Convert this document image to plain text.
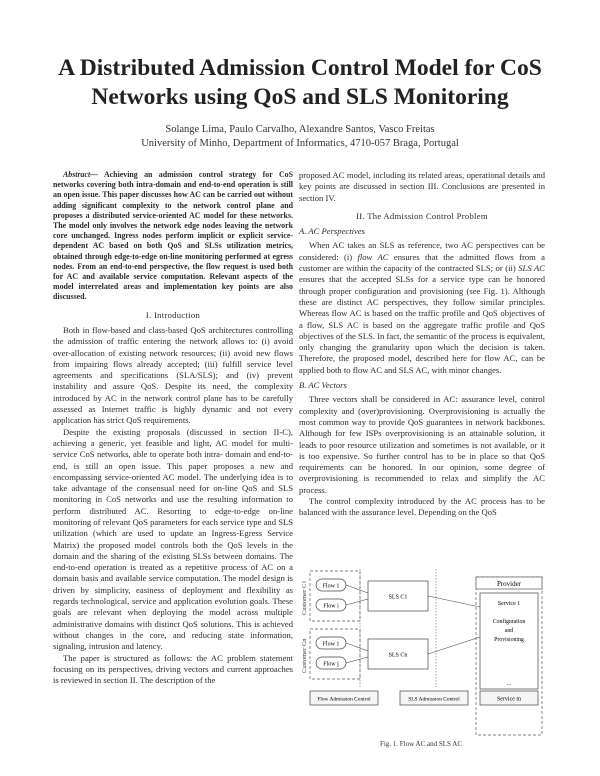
A Distributed Admission Control Model for CoS
Networks using QoS and SLS Monitoring
Solange Lima, Paulo Carvalho, Alexandre Santos, Vasco Freitas
University of Minho, Department of Informatics, 4710-057 Braga, Portugal

Abstract— Achieving an admission control strategy for CoS networks covering both intra-domain and end-to-end operation is still an open issue. This paper discusses how AC can be carried out without adding significant complexity to the network control plane and proposes a distributed service-oriented AC model for these networks. The model only involves the network edge nodes leaving the network core unchanged. Ingress nodes perform implicit or explicit service-dependent AC based on both QoS and SLSs utilization metrics, obtained through edge-to-edge on-line monitoring performed at egress nodes. From an end-to-end perspective, the flow request is used both for AC and available service computation. Relevant aspects of the model interrelated areas and implementation key points are also discussed.

I. Introduction

Both in flow-based and class-based QoS architectures controlling the admission of traffic entering the network allows to: (i) avoid over-allocation of existing network resources; (ii) avoid new flows from impairing flows already accepted; (iii) fulfill service level agreements and specifications (SLA/SLS); and (iv) prevent instability and assure QoS. Despite its need, the complexity introduced by AC in the network control plane has to be carefully assessed as Internet traffic is highly dynamic and not every application has strict QoS requirements.

Despite the existing proposals (discussed in section II-C), achieving a generic, yet feasible and light, AC model for multi-service CoS networks, able to operate both intra- domain and end-to-end, is still an open issue. This paper proposes a new and encompassing service-oriented AC model. The underlying idea is to take advantage of the consensual need for on-line QoS and SLS monitoring in CoS networks and use the resulting information to perform distributed AC. Resorting to edge-to-edge on-line monitoring of relevant QoS parameters for each service type and SLS utilization (which are used to update an Ingress-Egress Service Matrix) the proposed model controls both the QoS levels in the domain and the sharing of the existing SLSs between domains. The end-to-end operation is treated as a repetitive process of AC on a domain basis and available service computation. The model design is driven by simplicity, easiness of deployment and flexibility as regards technological, service and application evolution goals. These goals are relevant when deploying the model across multiple administrative domains with distinct QoS solutions. This is achieved without changes in the core, and reducing state information, signaling, intrusion and latency.

The paper is structured as follows: the AC problem statement focusing on its perspectives, driving vectors and current approaches is reviewed in section II. The description of the

proposed AC model, including its related areas, operational details and key points are discussed in section III. Conclusions are presented in section IV.

II. The Admission Control Problem
A. AC Perspectives

When AC takes an SLS as reference, two AC perspectives can be considered: (i) flow AC ensures that the admitted flows from a customer are within the capacity of the contracted SLS; or (ii) SLS AC ensures that the accepted SLSs for a service type can be honored through proper configuration and provisioning (see Fig. 1). Although these are distinct AC perspectives, they follow similar principles. Whereas flow AC is based on the traffic profile and QoS objectives of a flow, SLS AC is based on the aggregate traffic profile and QoS objectives of the SLS. In fact, the semantic of the process is equivalent, only changing the granularity upon which the decision is taken. Therefore, the proposed model, described here for flow AC, can be applied both to flow AC and SLS AC, with minor changes.

B. AC Vectors

Three vectors shall be considered in AC: assurance level, control complexity and (over)provisioning. Overprovisioning is actually the most common way to provide QoS guarantees in network backbones. Although for few ISPs overprovisioning is an attainable solution, it leads to poor resource utilization and sometimes is not available, or it is too expensive. So further control has to be in place so that QoS requirements can be honored. In our opinion, some degree of overprovisioning is recommended to relax and simplify the AC process.

The control complexity introduced by the AC process has to be balanced with the assurance level. Depending on the QoS

Customer C1
Customer Cn
Flow 1
Flow i
Flow 1
Flow j
SLS C1
SLS Cn
Provider
Service 1
Configuration
and
Provisioning
...
Flow Admission Control	SLS Admission Control	Service m
Fig. 1. Flow AC and SLS AC
